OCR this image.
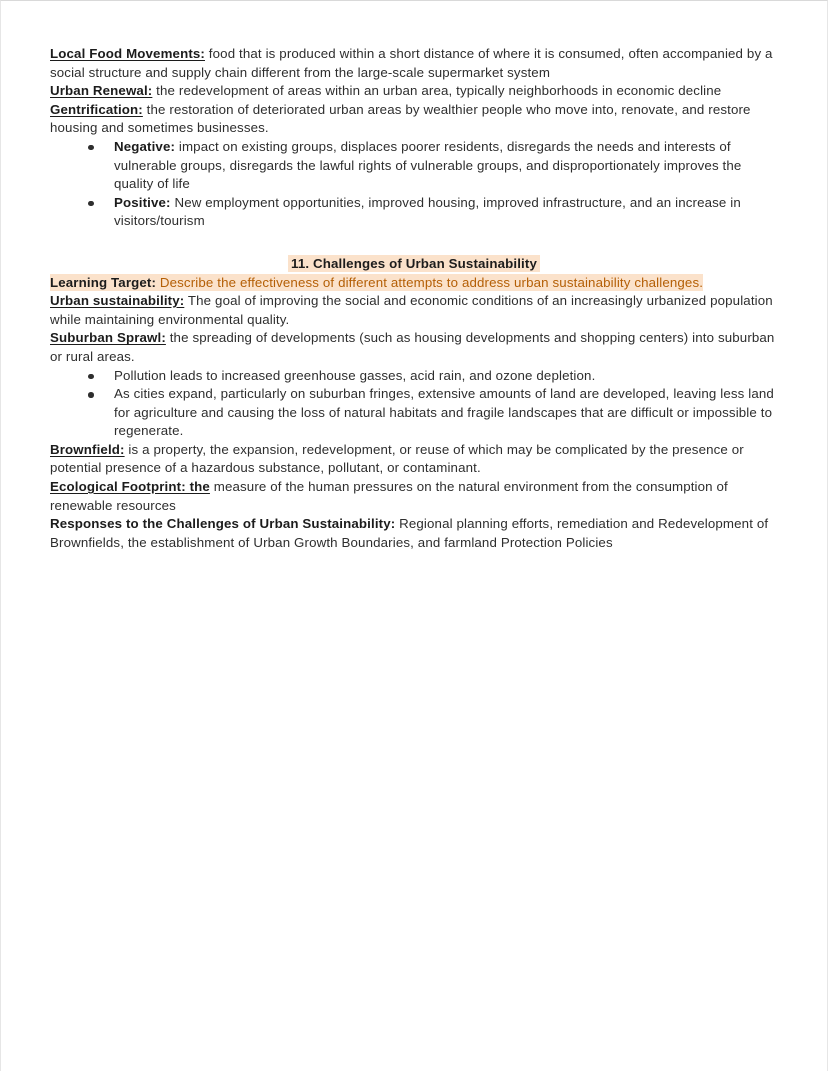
Local Food Movements: food that is produced within a short distance of where it is consumed, often accompanied by a social structure and supply chain different from the large-scale supermarket system

Urban Renewal: the redevelopment of areas within an urban area, typically neighborhoods in economic decline

Gentrification: the restoration of deteriorated urban areas by wealthier people who move into, renovate, and restore housing and sometimes businesses.

Negative: impact on existing groups, displaces poorer residents, disregards the needs and interests of vulnerable groups, disregards the lawful rights of vulnerable groups, and disproportionately improves the quality of life
Positive: New employment opportunities, improved housing, improved infrastructure, and an increase in visitors/tourism
11. Challenges of Urban Sustainability

Learning Target: Describe the effectiveness of different attempts to address urban sustainability challenges.

Urban sustainability: The goal of improving the social and economic conditions of an increasingly urbanized population while maintaining environmental quality.

Suburban Sprawl: the spreading of developments (such as housing developments and shopping centers) into suburban or rural areas.

Pollution leads to increased greenhouse gasses, acid rain, and ozone depletion.
As cities expand, particularly on suburban fringes, extensive amounts of land are developed, leaving less land for agriculture and causing the loss of natural habitats and fragile landscapes that are difficult or impossible to regenerate.

Brownfield: is a property, the expansion, redevelopment, or reuse of which may be complicated by the presence or potential presence of a hazardous substance, pollutant, or contaminant.

Ecological Footprint: the measure of the human pressures on the natural environment from the consumption of renewable resources

Responses to the Challenges of Urban Sustainability: Regional planning efforts, remediation and Redevelopment of Brownfields, the establishment of Urban Growth Boundaries, and farmland Protection Policies
